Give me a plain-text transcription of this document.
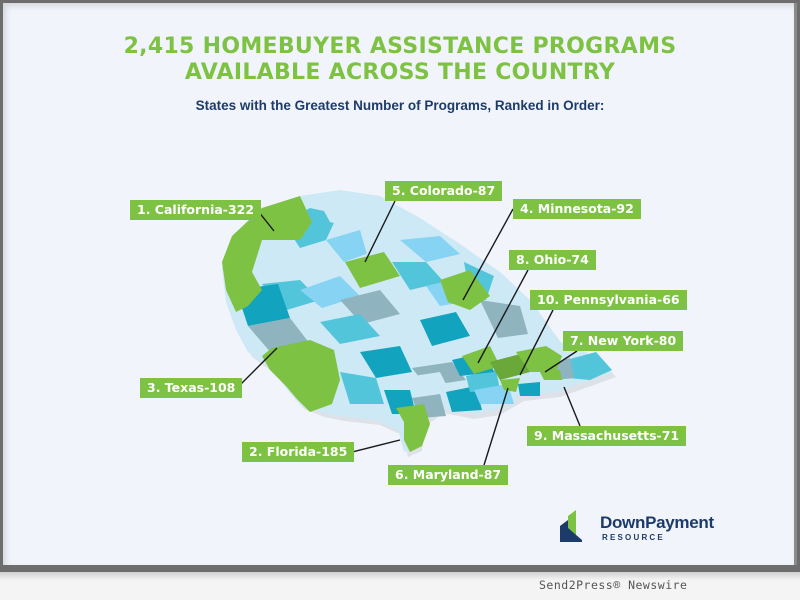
2,415 HOMEBUYER ASSISTANCE PROGRAMS
AVAILABLE ACROSS THE COUNTRY
States with the Greatest Number of Programs, Ranked in Order:
1. California-322
2. Florida-185
3. Texas-108
4. Minnesota-92
5. Colorado-87
6. Maryland-87
7. New York-80
8. Ohio-74
9. Massachusetts-71
10. Pennsylvania-66
DownPayment
RESOURCE
Send2Press® Newswire
